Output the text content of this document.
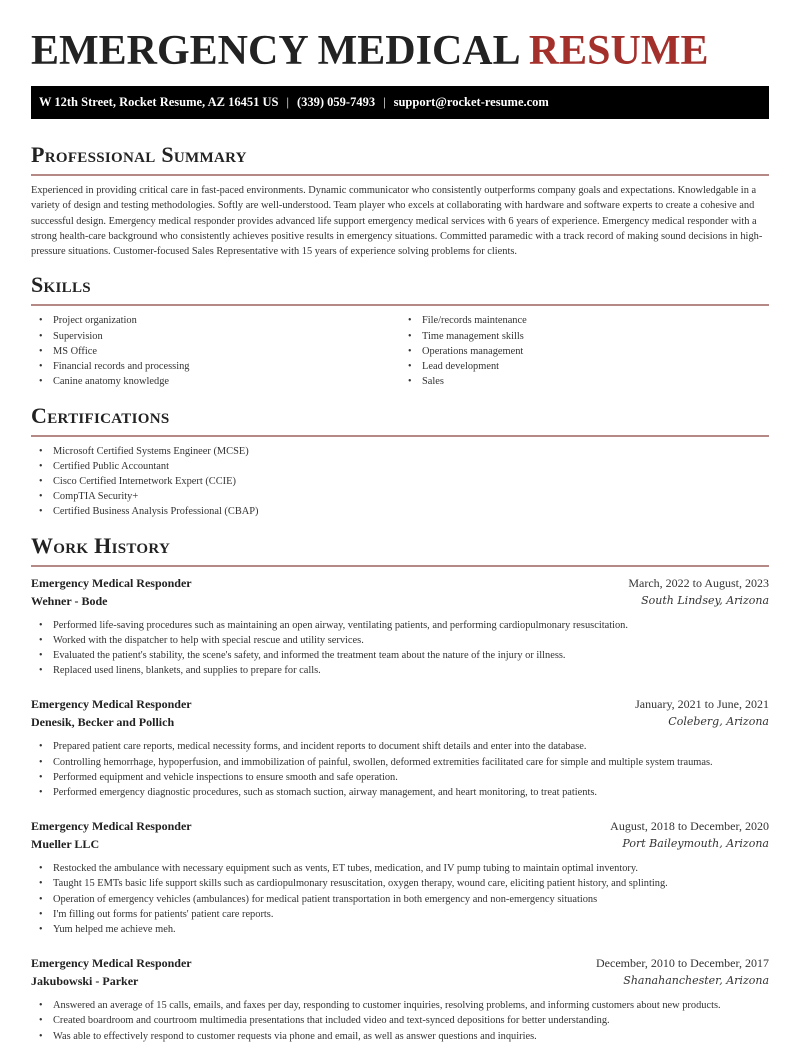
EMERGENCY MEDICAL RESUME
W 12th Street, Rocket Resume, AZ 16451 US | (339) 059-7493 | support@rocket-resume.com
Professional Summary

Experienced in providing critical care in fast-paced environments. Dynamic communicator who consistently outperforms company goals and expectations. Knowledgable in a variety of design and testing methodologies. Softly are well-understood. Team player who excels at collaborating with hardware and software experts to create a cohesive and successful design. Emergency medical responder provides advanced life support emergency medical services with 6 years of experience. Emergency medical responder with a strong health-care background who consistently achieves positive results in emergency situations. Committed paramedic with a track record of making sound decisions in high-pressure situations. Customer-focused Sales Representative with 15 years of experience solving problems for clients.

Skills
• Project organization
• Supervision
• MS Office
• Financial records and processing
• Canine anatomy knowledge
• File/records maintenance
• Time management skills
• Operations management
• Lead development
• Sales
Certifications
• Microsoft Certified Systems Engineer (MCSE)
• Certified Public Accountant
• Cisco Certified Internetwork Expert (CCIE)
• CompTIA Security+
• Certified Business Analysis Professional (CBAP)
Work History
Emergency Medical Responder	March, 2022 to August, 2023
Wehner - Bode	South Lindsey, Arizona
• Performed life-saving procedures such as maintaining an open airway, ventilating patients, and performing cardiopulmonary resuscitation.
• Worked with the dispatcher to help with special rescue and utility services.
• Evaluated the patient's stability, the scene's safety, and informed the treatment team about the nature of the injury or illness.
• Replaced used linens, blankets, and supplies to prepare for calls.
Emergency Medical Responder	January, 2021 to June, 2021
Denesik, Becker and Pollich	Coleberg, Arizona
• Prepared patient care reports, medical necessity forms, and incident reports to document shift details and enter into the database.
• Controlling hemorrhage, hypoperfusion, and immobilization of painful, swollen, deformed extremities facilitated care for simple and multiple system traumas.
• Performed equipment and vehicle inspections to ensure smooth and safe operation.
• Performed emergency diagnostic procedures, such as stomach suction, airway management, and heart monitoring, to treat patients.
Emergency Medical Responder	August, 2018 to December, 2020
Mueller LLC	Port Baileymouth, Arizona
• Restocked the ambulance with necessary equipment such as vents, ET tubes, medication, and IV pump tubing to maintain optimal inventory.
• Taught 15 EMTs basic life support skills such as cardiopulmonary resuscitation, oxygen therapy, wound care, eliciting patient history, and splinting.
• Operation of emergency vehicles (ambulances) for medical patient transportation in both emergency and non-emergency situations
• I'm filling out forms for patients' patient care reports.
• Yum helped me achieve meh.
Emergency Medical Responder	December, 2010 to December, 2017
Jakubowski - Parker	Shanahanchester, Arizona
• Answered an average of 15 calls, emails, and faxes per day, responding to customer inquiries, resolving problems, and informing customers about new products.
• Created boardroom and courtroom multimedia presentations that included video and text-synced depositions for better understanding.
• Was able to effectively respond to customer requests via phone and email, as well as answer questions and inquiries.
